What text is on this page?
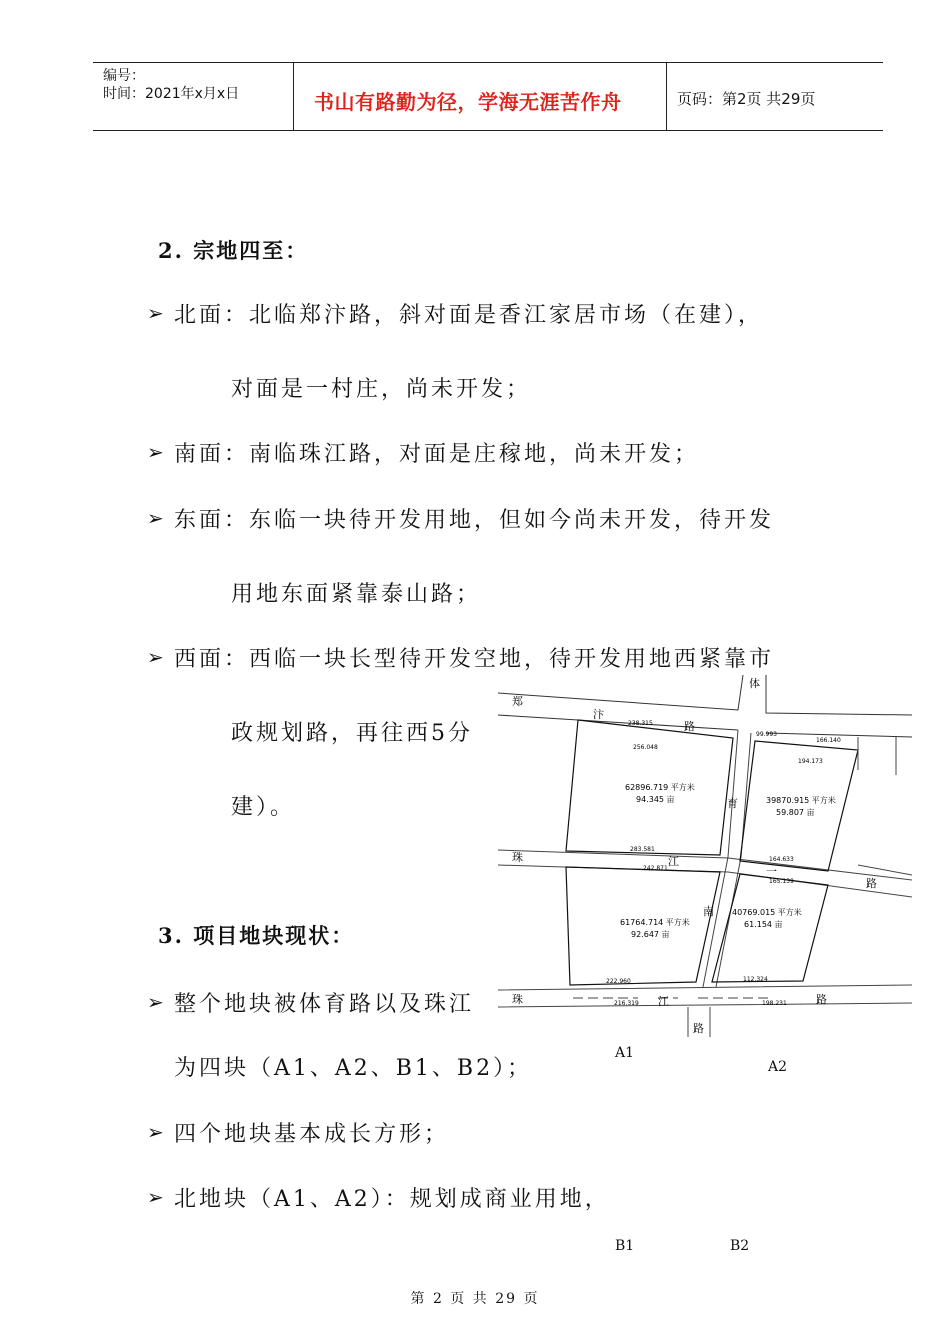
编号：
时间：2021年x月x日	书山有路勤为径，学海无涯苦作舟	页码：第2页 共29页
2. 宗地四至：
➢ 北面：北临郑汴路，斜对面是香江家居市场（在建），
对面是一村庄，尚未开发；
➢ 南面：南临珠江路，对面是庄稼地，尚未开发；
➢ 东面：东临一块待开发用地，但如今尚未开发，待开发
用地东面紧靠泰山路；
➢ 西面：西临一块长型待开发空地，待开发用地西紧靠市
政规划路，再往西5分
建）。
3. 项目地块现状：
➢ 整个地块被体育路以及珠江
为四块（A1、A2、B1、B2）；
➢ 四个地块基本成长方形；
➢ 北地块（A1、A2）：规划成商业用地，
郑
汴
路
体
育
南
路
珠	江
一
路
珠	江	路
62896.719 平方米
94.345 亩	39870.915 平方米
59.807 亩
61764.714 平方米
92.647 亩
40769.015 平方米
61.154 亩
238.315
256.048
99.993
166.140
194.173
283.581
242.871
164.633
165.139
222.960
216.319
112.324
198.231
A1
A2
B1	B2
第 2 页 共 29 页
